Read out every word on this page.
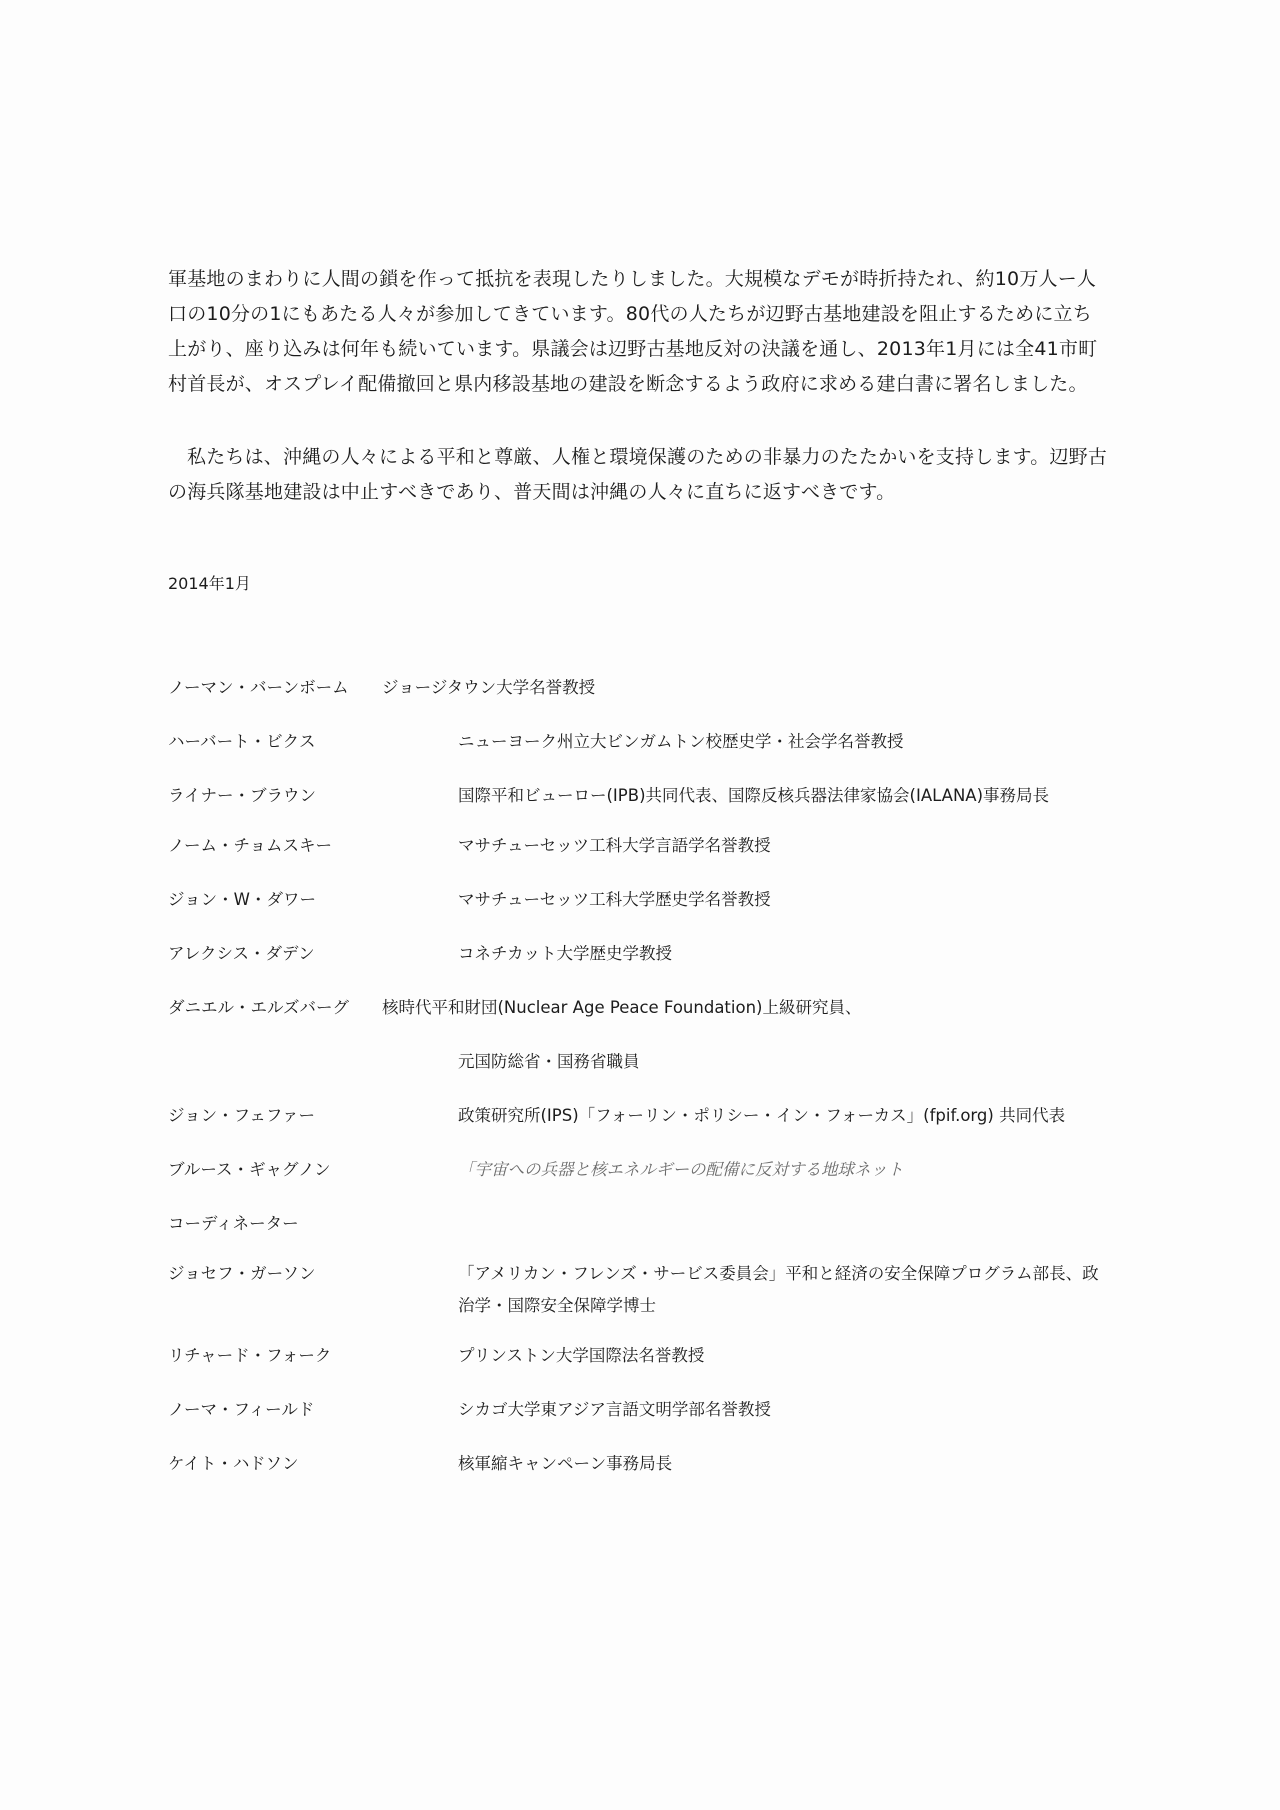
軍基地のまわりに人間の鎖を作って抵抗を表現したりしました。大規模なデモが時折持たれ、約10万人ー人口の10分の1にもあたる人々が参加してきています。80代の人たちが辺野古基地建設を阻止するために立ち上がり、座り込みは何年も続いています。県議会は辺野古基地反対の決議を通し、2013年1月には全41市町村首長が、オスプレイ配備撤回と県内移設基地の建設を断念するよう政府に求める建白書に署名しました。

私たちは、沖縄の人々による平和と尊厳、人権と環境保護のための非暴力のたたかいを支持します。辺野古の海兵隊基地建設は中止すべきであり、普天間は沖縄の人々に直ちに返すべきです。

2014年1月
ノーマン・バーンボーム ジョージタウン大学名誉教授
ハーバート・ビクス	ニューヨーク州立大ビンガムトン校歴史学・社会学名誉教授
ライナー・ブラウン	国際平和ビューロー(IPB)共同代表、国際反核兵器法律家協会(IALANA)事務局長
ノーム・チョムスキー	マサチューセッツ工科大学言語学名誉教授
ジョン・W・ダワー	マサチューセッツ工科大学歴史学名誉教授
アレクシス・ダデン	コネチカット大学歴史学教授
ダニエル・エルズバーグ 核時代平和財団(Nuclear Age Peace Foundation)上級研究員、
元国防総省・国務省職員
ジョン・フェファー	政策研究所(IPS)「フォーリン・ポリシー・イン・フォーカス」(fpif.org) 共同代表
ブルース・ギャグノン	「宇宙への兵器と核エネルギーの配備に反対する地球ネット
コーディネーター
ジョセフ・ガーソン	「アメリカン・フレンズ・サービス委員会」平和と経済の安全保障プログラム部長、政治学・国際安全保障学博士
リチャード・フォーク	プリンストン大学国際法名誉教授
ノーマ・フィールド	シカゴ大学東アジア言語文明学部名誉教授
ケイト・ハドソン	核軍縮キャンペーン事務局長
